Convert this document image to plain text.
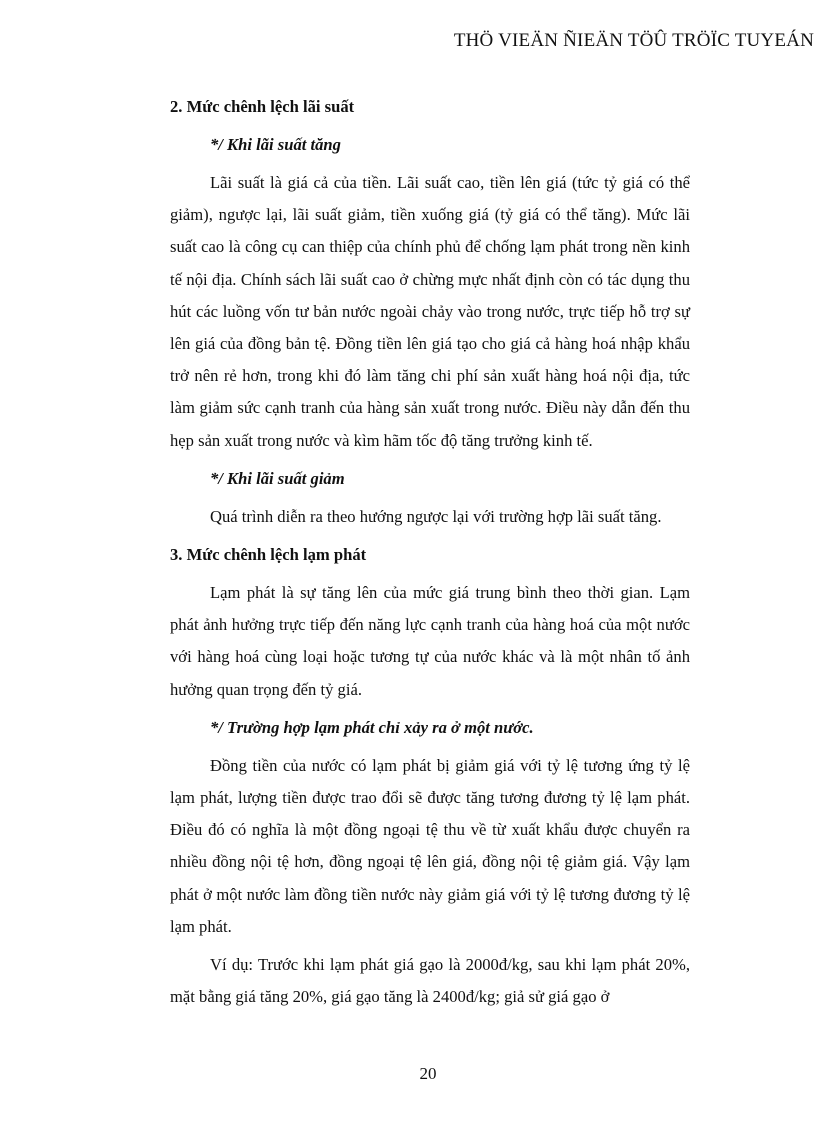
THÖ VIEÄN ÑIEÄN TÖÛ TRÖÏC TUYEÁN

2. Mức chênh lệch lãi suất

*/ Khi lãi suất tăng

Lãi suất là giá cả của tiền. Lãi suất cao, tiền lên giá (tức tỷ giá có thể giảm), ngược lại, lãi suất giảm, tiền xuống giá (tỷ giá có thể tăng). Mức lãi suất cao là công cụ can thiệp của chính phủ để chống lạm phát trong nền kinh tế nội địa. Chính sách lãi suất cao ở chừng mực nhất định còn có tác dụng thu hút các luồng vốn tư bản nước ngoài chảy vào trong nước, trực tiếp hỗ trợ sự lên giá của đồng bản tệ. Đồng tiền lên giá tạo cho giá cả hàng hoá nhập khẩu trở nên rẻ hơn, trong khi đó làm tăng chi phí sản xuất hàng hoá nội địa, tức làm giảm sức cạnh tranh của hàng sản xuất trong nước. Điều này dẫn đến thu hẹp sản xuất trong nước và kìm hãm tốc độ tăng trưởng kinh tế.

*/ Khi lãi suất giảm

Quá trình diễn ra theo hướng ngược lại với trường hợp lãi suất tăng.

3. Mức chênh lệch lạm phát

Lạm phát là sự tăng lên của mức giá trung bình theo thời gian. Lạm phát ảnh hưởng trực tiếp đến năng lực cạnh tranh của hàng hoá của một nước với hàng hoá cùng loại hoặc tương tự của nước khác và là một nhân tố ảnh hưởng quan trọng đến tỷ giá.

*/ Trường hợp lạm phát chỉ xảy ra ở một nước.

Đồng tiền của nước có lạm phát bị giảm giá với tỷ lệ tương ứng tỷ lệ lạm phát, lượng tiền được trao đổi sẽ được tăng tương đương tỷ lệ lạm phát. Điều đó có nghĩa là một đồng ngoại tệ thu về từ xuất khẩu được chuyển ra nhiều đồng nội tệ hơn, đồng ngoại tệ lên giá, đồng nội tệ giảm giá. Vậy lạm phát ở một nước làm đồng tiền nước này giảm giá với tỷ lệ tương đương tỷ lệ lạm phát.

Ví dụ: Trước khi lạm phát giá gạo là 2000đ/kg, sau khi lạm phát 20%, mặt bằng giá tăng 20%, giá gạo tăng là 2400đ/kg; giả sử giá gạo ở

20
